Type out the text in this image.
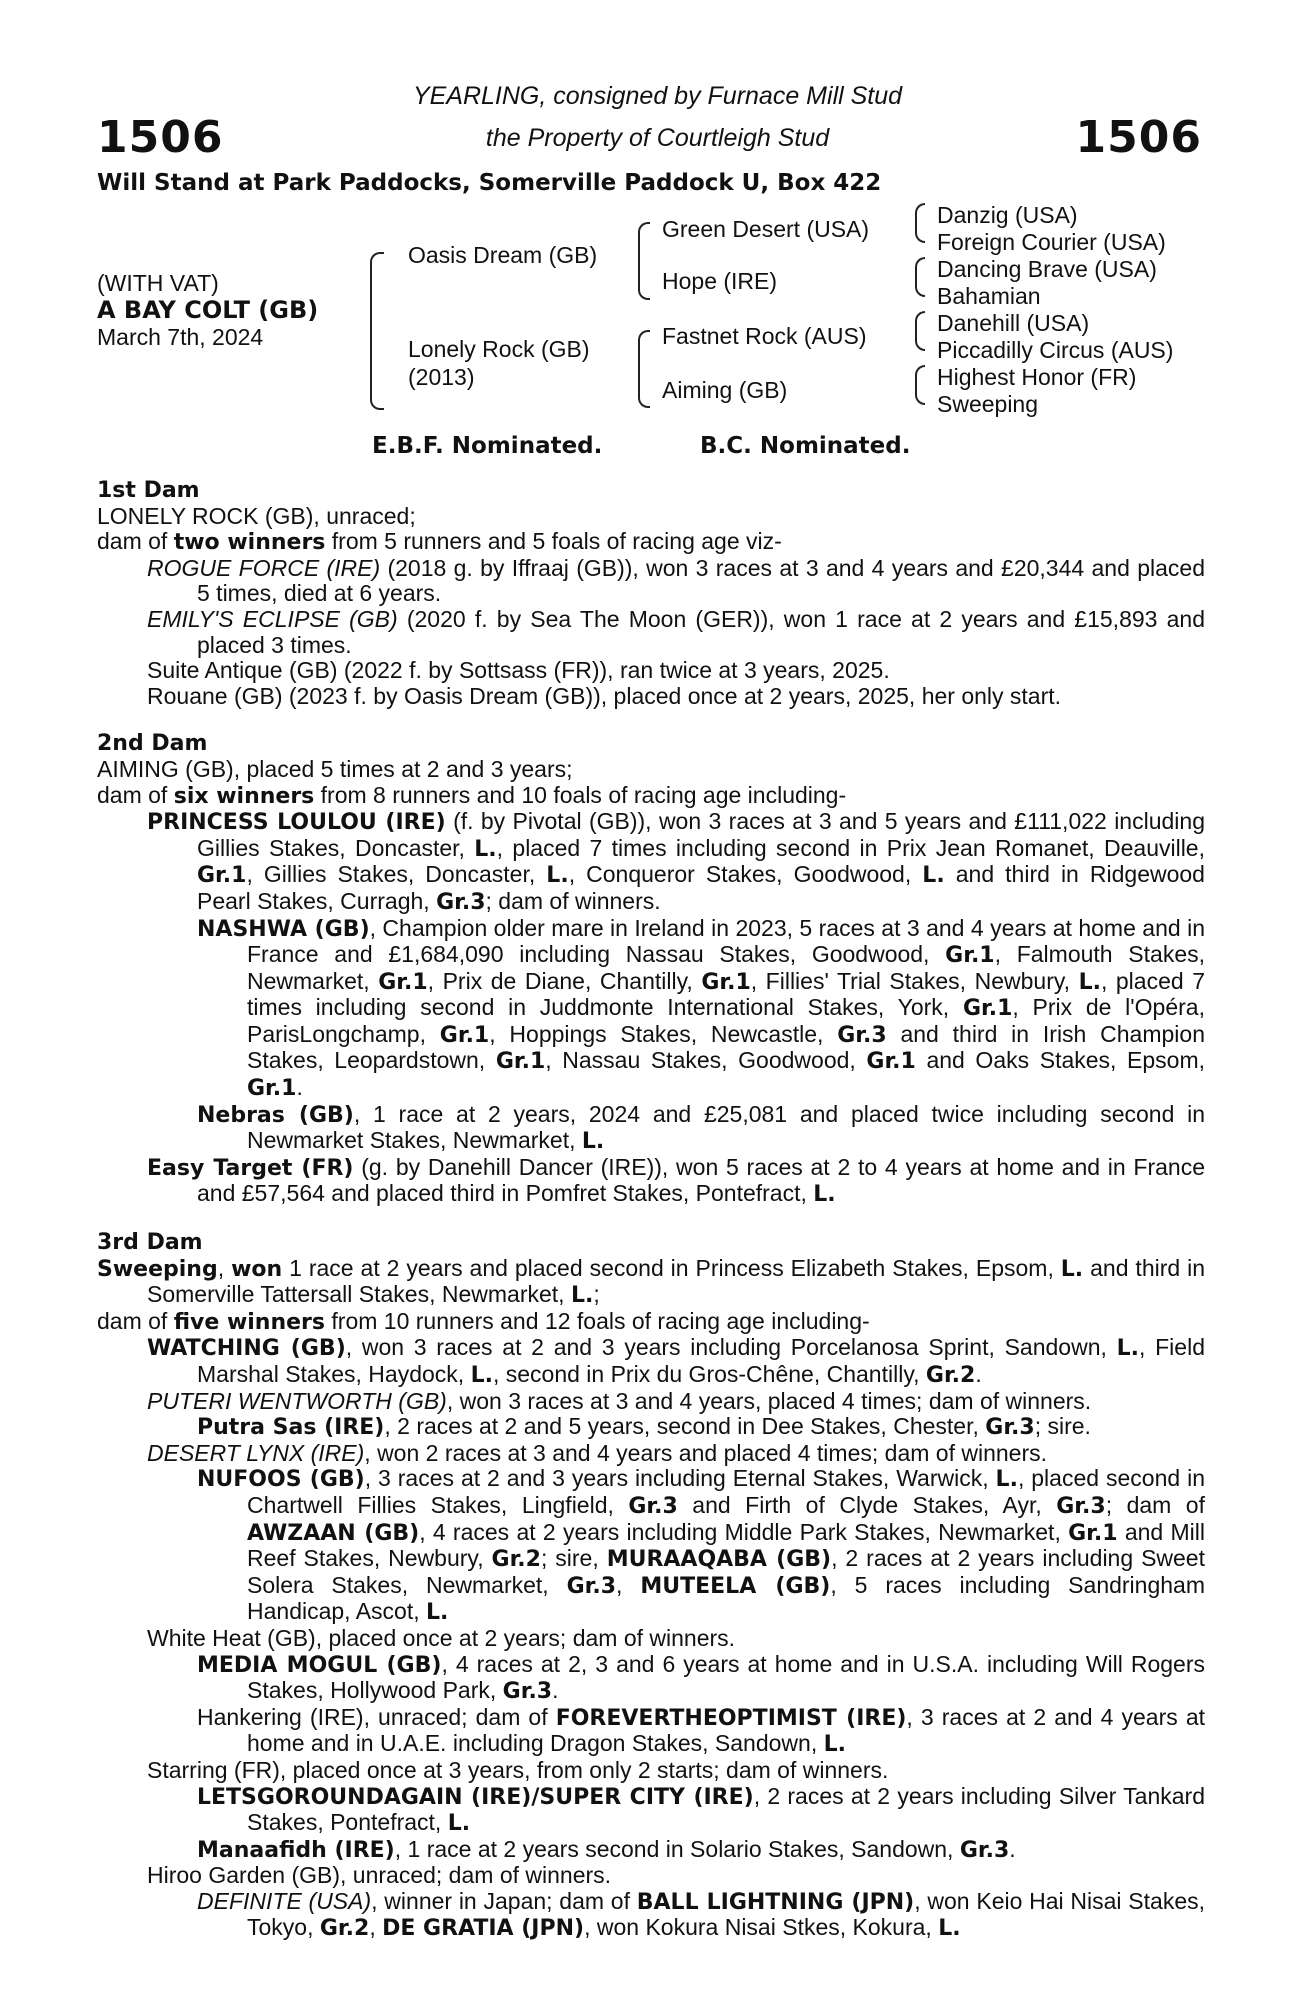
1506	1506
YEARLING, consigned by Furnace Mill Stud
the Property of Courtleigh Stud
Will Stand at Park Paddocks, Somerville Paddock U, Box 422
(WITH VAT)
A BAY COLT (GB)
March 7th, 2024
Oasis Dream (GB)
Lonely Rock (GB)
(2013)
Green Desert (USA)
Hope (IRE)
Fastnet Rock (AUS)
Aiming (GB)
Danzig (USA)
Foreign Courier (USA)
Dancing Brave (USA)
Bahamian
Danehill (USA)
Piccadilly Circus (AUS)
Highest Honor (FR)
Sweeping
E.B.F. Nominated.	B.C. Nominated.
1st Dam
LONELY ROCK (GB), unraced;
dam of two winners from 5 runners and 5 foals of racing age viz-
ROGUE FORCE (IRE) (2018 g. by Iffraaj (GB)), won 3 races at 3 and 4 years and £20,344 and placed 5 times, died at 6 years.
EMILY'S ECLIPSE (GB) (2020 f. by Sea The Moon (GER)), won 1 race at 2 years and £15,893 and placed 3 times.
Suite Antique (GB) (2022 f. by Sottsass (FR)), ran twice at 3 years, 2025.
Rouane (GB) (2023 f. by Oasis Dream (GB)), placed once at 2 years, 2025, her only start.
2nd Dam
AIMING (GB), placed 5 times at 2 and 3 years;
dam of six winners from 8 runners and 10 foals of racing age including-
PRINCESS LOULOU (IRE) (f. by Pivotal (GB)), won 3 races at 3 and 5 years and £111,022 including Gillies Stakes, Doncaster, L., placed 7 times including second in Prix Jean Romanet, Deauville, Gr.1, Gillies Stakes, Doncaster, L., Conqueror Stakes, Goodwood, L. and third in Ridgewood Pearl Stakes, Curragh, Gr.3; dam of winners.
NASHWA (GB), Champion older mare in Ireland in 2023, 5 races at 3 and 4 years at home and in France and £1,684,090 including Nassau Stakes, Goodwood, Gr.1, Falmouth Stakes, Newmarket, Gr.1, Prix de Diane, Chantilly, Gr.1, Fillies' Trial Stakes, Newbury, L., placed 7 times including second in Juddmonte International Stakes, York, Gr.1, Prix de l'Opéra, ParisLongchamp, Gr.1, Hoppings Stakes, Newcastle, Gr.3 and third in Irish Champion Stakes, Leopardstown, Gr.1, Nassau Stakes, Goodwood, Gr.1 and Oaks Stakes, Epsom, Gr.1.
Nebras (GB), 1 race at 2 years, 2024 and £25,081 and placed twice including second in Newmarket Stakes, Newmarket, L.
Easy Target (FR) (g. by Danehill Dancer (IRE)), won 5 races at 2 to 4 years at home and in France and £57,564 and placed third in Pomfret Stakes, Pontefract, L.
3rd Dam
Sweeping, won 1 race at 2 years and placed second in Princess Elizabeth Stakes, Epsom, L. and third in Somerville Tattersall Stakes, Newmarket, L.;
dam of five winners from 10 runners and 12 foals of racing age including-
WATCHING (GB), won 3 races at 2 and 3 years including Porcelanosa Sprint, Sandown, L., Field Marshal Stakes, Haydock, L., second in Prix du Gros-Chêne, Chantilly, Gr.2.
PUTERI WENTWORTH (GB), won 3 races at 3 and 4 years, placed 4 times; dam of winners.
Putra Sas (IRE), 2 races at 2 and 5 years, second in Dee Stakes, Chester, Gr.3; sire.
DESERT LYNX (IRE), won 2 races at 3 and 4 years and placed 4 times; dam of winners.
NUFOOS (GB), 3 races at 2 and 3 years including Eternal Stakes, Warwick, L., placed second in Chartwell Fillies Stakes, Lingfield, Gr.3 and Firth of Clyde Stakes, Ayr, Gr.3; dam of AWZAAN (GB), 4 races at 2 years including Middle Park Stakes, Newmarket, Gr.1 and Mill Reef Stakes, Newbury, Gr.2; sire, MURAAQABA (GB), 2 races at 2 years including Sweet Solera Stakes, Newmarket, Gr.3, MUTEELA (GB), 5 races including Sandringham Handicap, Ascot, L.
White Heat (GB), placed once at 2 years; dam of winners.
MEDIA MOGUL (GB), 4 races at 2, 3 and 6 years at home and in U.S.A. including Will Rogers Stakes, Hollywood Park, Gr.3.
Hankering (IRE), unraced; dam of FOREVERTHEOPTIMIST (IRE), 3 races at 2 and 4 years at home and in U.A.E. including Dragon Stakes, Sandown, L.
Starring (FR), placed once at 3 years, from only 2 starts; dam of winners.
LETSGOROUNDAGAIN (IRE)/SUPER CITY (IRE), 2 races at 2 years including Silver Tankard Stakes, Pontefract, L.
Manaafidh (IRE), 1 race at 2 years second in Solario Stakes, Sandown, Gr.3.
Hiroo Garden (GB), unraced; dam of winners.
DEFINITE (USA), winner in Japan; dam of BALL LIGHTNING (JPN), won Keio Hai Nisai Stakes, Tokyo, Gr.2, DE GRATIA (JPN), won Kokura Nisai Stkes, Kokura, L.
